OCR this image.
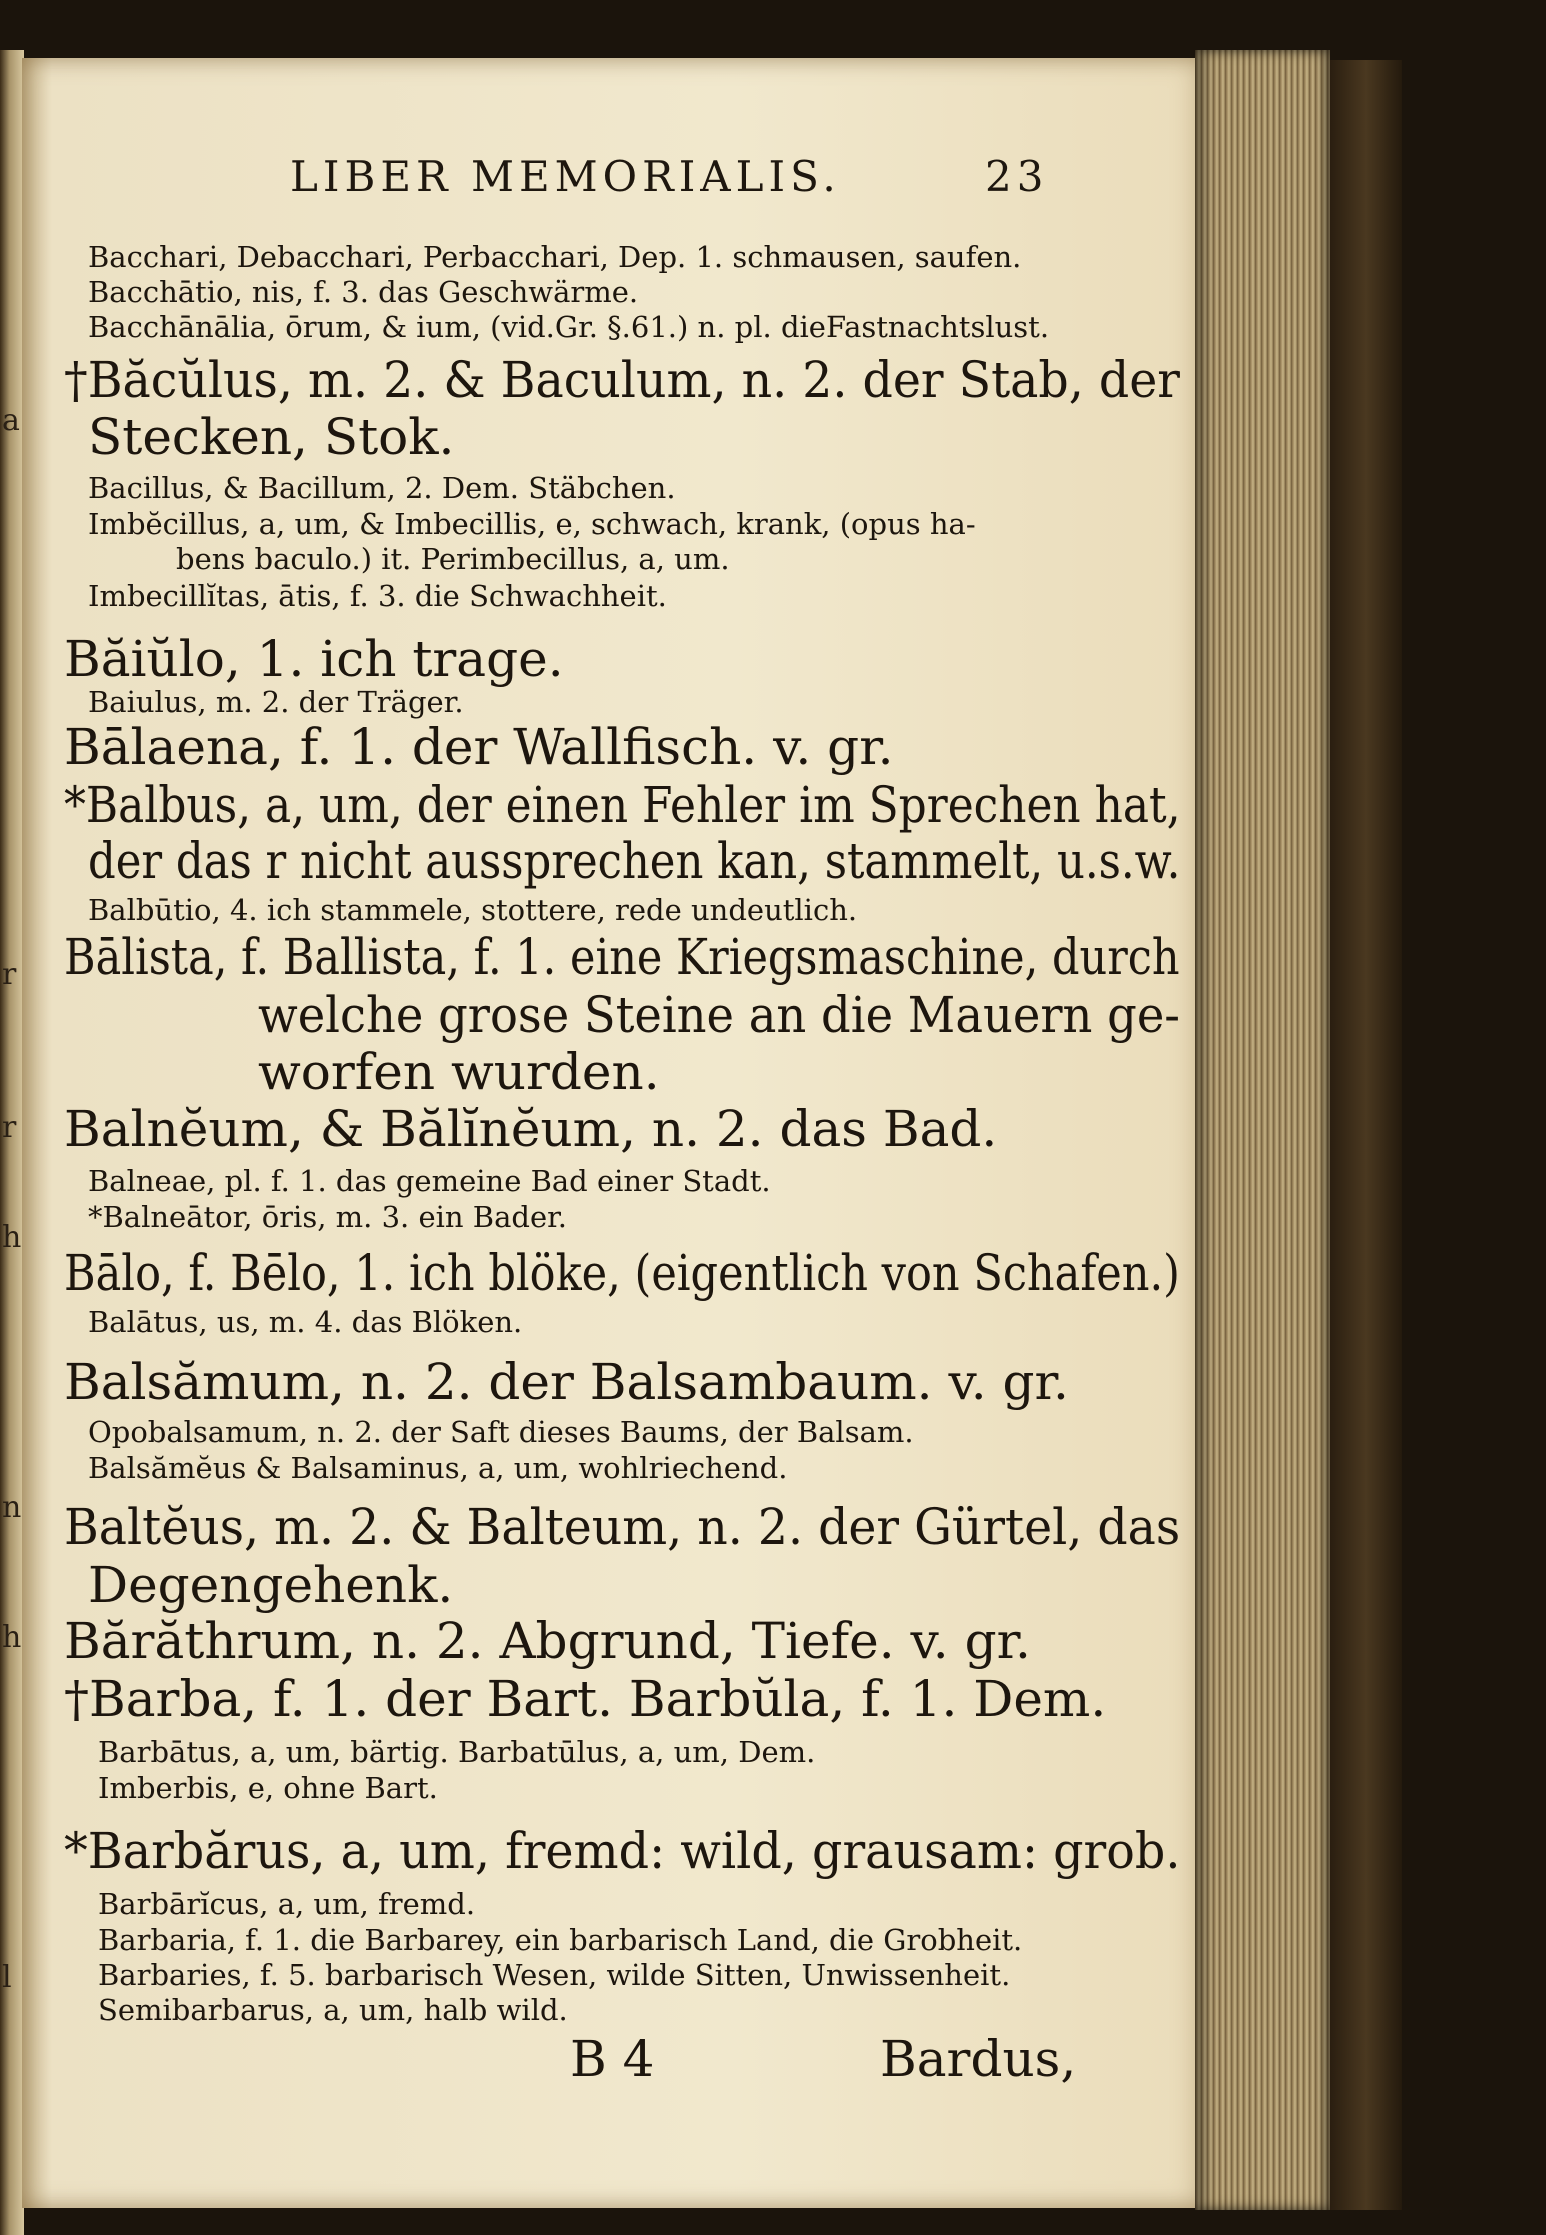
LIBER MEMORIALIS.	23
Bacchari, Debacchari, Perbacchari, Dep. 1. schmausen, saufen.
Bacchātio, nis, f. 3. das Geschwärme.
Bacchānālia, ōrum, & ium, (vid.Gr. §.61.) n. pl. dieFastnachtslust.
†Băcŭlus, m. 2. & Baculum, n. 2. der Stab, der
Stecken, Stok.
Bacillus, & Bacillum, 2. Dem. Stäbchen.
Imbĕcillus, a, um, & Imbecillis, e, schwach, krank, (opus ha-
bens baculo.) it. Perimbecillus, a, um.
Imbecillĭtas, ātis, f. 3. die Schwachheit.
Băiŭlo, 1. ich trage.
Baiulus, m. 2. der Träger.
Bālaena, f. 1. der Wallfisch. v. gr.
*Balbus, a, um, der einen Fehler im Sprechen hat,
der das r nicht aussprechen kan, stammelt, u.s.w.
Balbūtio, 4. ich stammele, stottere, rede undeutlich.
Bālista, f. Ballista, f. 1. eine Kriegsmaschine, durch
welche grose Steine an die Mauern ge-
worfen wurden.
Balnĕum, & Bălĭnĕum, n. 2. das Bad.
Balneae, pl. f. 1. das gemeine Bad einer Stadt.
*Balneātor, ōris, m. 3. ein Bader.
Bālo, f. Bēlo, 1. ich blöke, (eigentlich von Schafen.)
Balātus, us, m. 4. das Blöken.
Balsămum, n. 2. der Balsambaum. v. gr.
Opobalsamum, n. 2. der Saft dieses Baums, der Balsam.
Balsămĕus & Balsaminus, a, um, wohlriechend.
Baltĕus, m. 2. & Balteum, n. 2. der Gürtel, das
Degengehenk.
Bărăthrum, n. 2. Abgrund, Tiefe. v. gr.
†Barba, f. 1. der Bart. Barbŭla, f. 1. Dem.
Barbātus, a, um, bärtig. Barbatūlus, a, um, Dem.
Imberbis, e, ohne Bart.
*Barbărus, a, um, fremd: wild, grausam: grob.
Barbārĭcus, a, um, fremd.
Barbaria, f. 1. die Barbarey, ein barbarisch Land, die Grobheit.
Barbaries, f. 5. barbarisch Wesen, wilde Sitten, Unwissenheit.
Semibarbarus, a, um, halb wild.
B 4	Bardus,
a
r
r
h
l
n
h
